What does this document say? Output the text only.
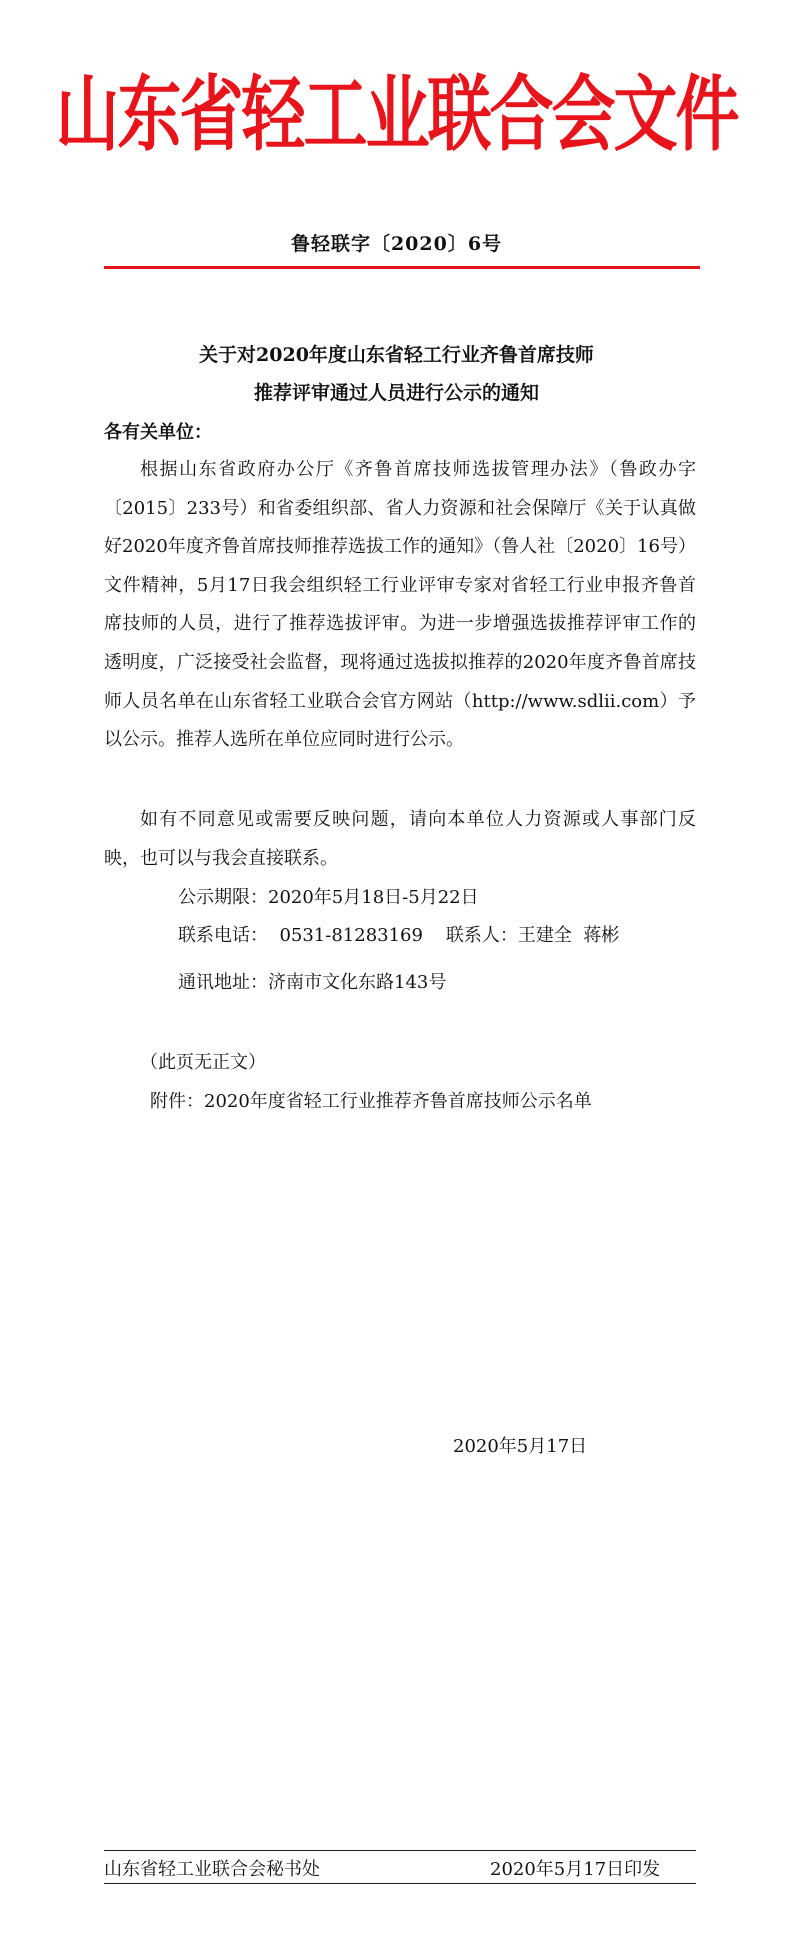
山东省轻工业联合会文件
鲁轻联字〔2020〕6号
关于对2020年度山东省轻工行业齐鲁首席技师
推荐评审通过人员进行公示的通知
各有关单位：
根据山东省政府办公厅《齐鲁首席技师选拔管理办法》（鲁政办字〔2015〕233号）和省委组织部、省人力资源和社会保障厅《关于认真做好2020年度齐鲁首席技师推荐选拔工作的通知》（鲁人社〔2020〕16号）文件精神，5月17日我会组织轻工行业评审专家对省轻工行业申报齐鲁首席技师的人员，进行了推荐选拔评审。为进一步增强选拔推荐评审工作的透明度，广泛接受社会监督，现将通过选拔拟推荐的2020年度齐鲁首席技师人员名单在山东省轻工业联合会官方网站（http://www.sdlii.com）予以公示。推荐人选所在单位应同时进行公示。
如有不同意见或需要反映问题，请向本单位人力资源或人事部门反映，也可以与我会直接联系。
公示期限：2020年5月18日-5月22日
联系电话：  0531-81283169    联系人：王建全  蒋彬
通讯地址：济南市文化东路143号
（此页无正文）
附件：2020年度省轻工行业推荐齐鲁首席技师公示名单
2020年5月17日
山东省轻工业联合会秘书处	2020年5月17日印发
